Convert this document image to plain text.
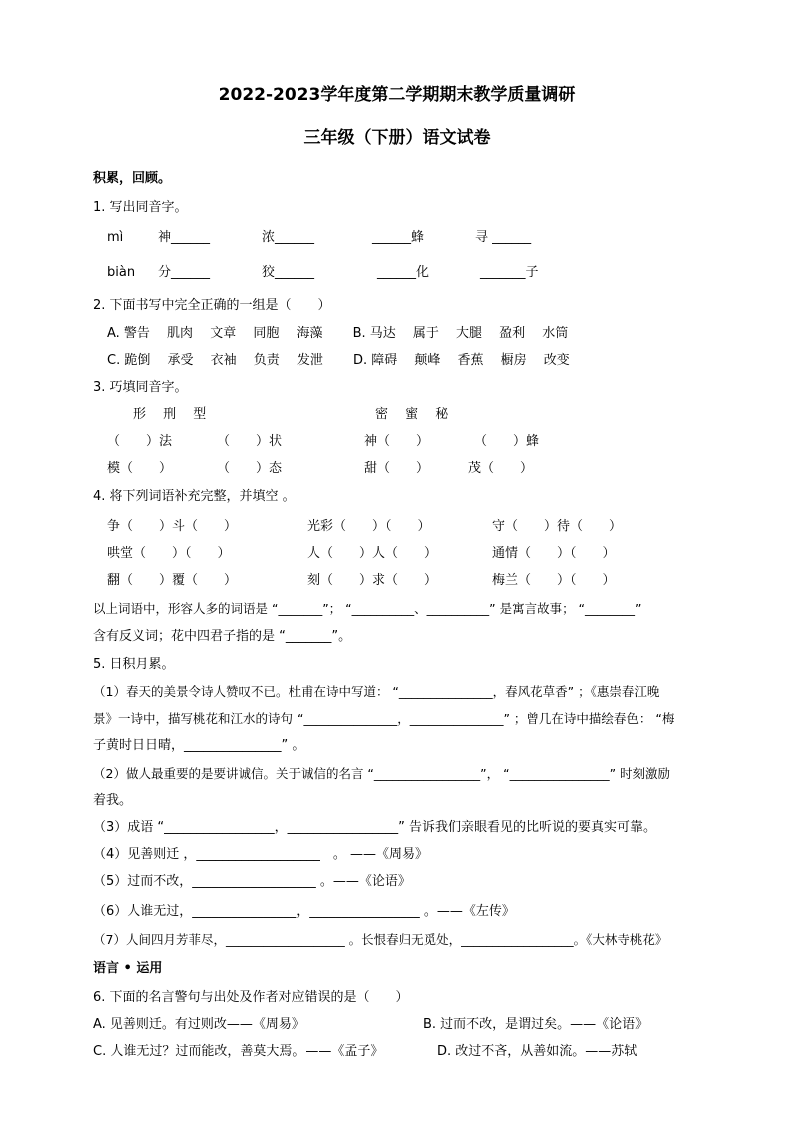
2022-2023学年度第二学期期末教学质量调研
三年级（下册）语文试卷
积累，回顾。
1. 写出同音字。
mì	神______	浓______	______蜂	寻 ______
biàn 分______	狡______	______化	_______子
2. 下面书写中完全正确的一组是（　　）
A. 警告　 肌肉　 文章　 同胞　 海藻　　 B. 马达　 属于　 大腿　 盈利　 水筒
C. 跪倒　 承受　 衣袖　 负责　 发泄　　 D. 障碍　 颠峰　 香蕉　 橱房　 改变
3. 巧填同音字。
形　 刑　 型	密　 蜜　 秘
（　　）法	（　　）状	神（　　）	（　　）蜂
模（　　）	（　　）态	甜（　　）	茂（　　）
4. 将下列词语补充完整，并填空 。
争（　　）斗（　　）	光彩（　　）（　　）	守（　　）待（　　）
哄堂（　　）（　　）	人（　　）人（　　）	通情（　　）（　　）
翻（　　）覆（　　）	刻（　　）求（　　）	梅兰（　　）（　　）
以上词语中，形容人多的词语是 “_______”； “__________、__________” 是寓言故事； “________”
含有反义词；花中四君子指的是 “_______”。
5. 日积月累。
（1）春天的美景令诗人赞叹不已。杜甫在诗中写道： “_______________，春风花草香” ；《惠崇春江晚
景》一诗中，描写桃花和江水的诗句 “_______________，_______________” ；曾几在诗中描绘春色： “梅
子黄时日日晴，_______________” 。
（2）做人最重要的是要讲诚信。关于诚信的名言 “_________________”， “________________” 时刻激励
着我。
（3）成语 “_________________，_________________” 告诉我们亲眼看见的比听说的要真实可靠。
（4）见善则迁 ，___________________　。 ——《周易》
（5）过而不改，___________________ 。——《论语》
（6）人谁无过，________________，_________________ 。——《左传》
（7）人间四月芳菲尽，___________________ 。长恨春归无觅处，__________________。《大林寺桃花》
语言 • 运用
6. 下面的名言警句与出处及作者对应错误的是（　　）
A. 见善则迁。有过则改——《周易》	B. 过而不改，是谓过矣。——《论语》
C. 人谁无过？过而能改，善莫大焉。——《孟子》	D. 改过不吝，从善如流。——苏轼
